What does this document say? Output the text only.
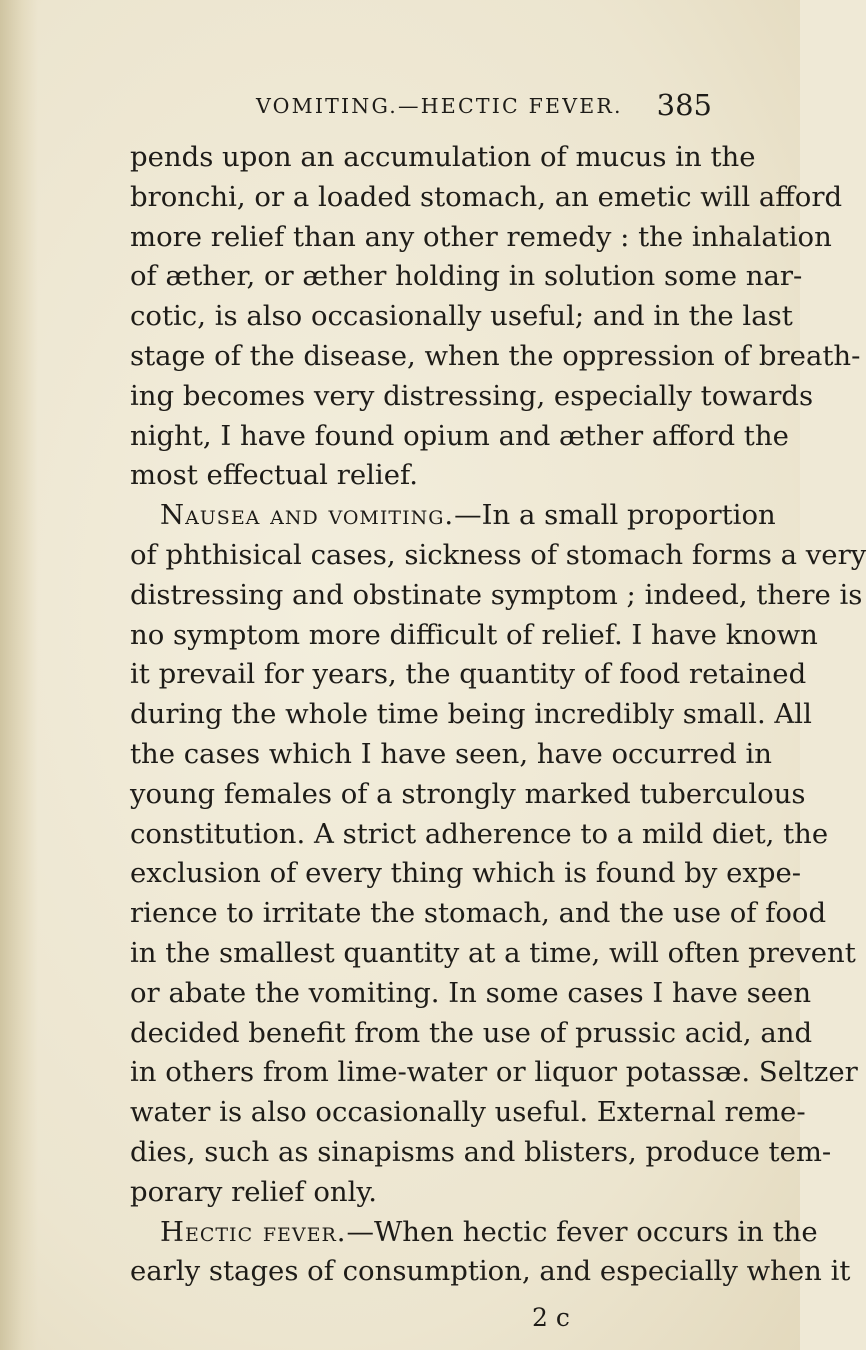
VOMITING.—HECTIC FEVER. 385
pends upon an accumulation of mucus in the
bronchi, or a loaded stomach, an emetic will afford
more relief than any other remedy : the inhalation
of æther, or æther holding in solution some nar-
cotic, is also occasionally useful; and in the last
stage of the disease, when the oppression of breath-
ing becomes very distressing, especially towards
night, I have found opium and æther afford the
most effectual relief.
Nausea and vomiting.—In a small proportion
of phthisical cases, sickness of stomach forms a very
distressing and obstinate symptom ; indeed, there is
no symptom more difficult of relief. I have known
it prevail for years, the quantity of food retained
during the whole time being incredibly small. All
the cases which I have seen, have occurred in
young females of a strongly marked tuberculous
constitution. A strict adherence to a mild diet, the
exclusion of every thing which is found by expe-
rience to irritate the stomach, and the use of food
in the smallest quantity at a time, will often prevent
or abate the vomiting. In some cases I have seen
decided benefit from the use of prussic acid, and
in others from lime-water or liquor potassæ. Seltzer
water is also occasionally useful. External reme-
dies, such as sinapisms and blisters, produce tem-
porary relief only.
Hectic fever.—When hectic fever occurs in the
early stages of consumption, and especially when it
2 c
